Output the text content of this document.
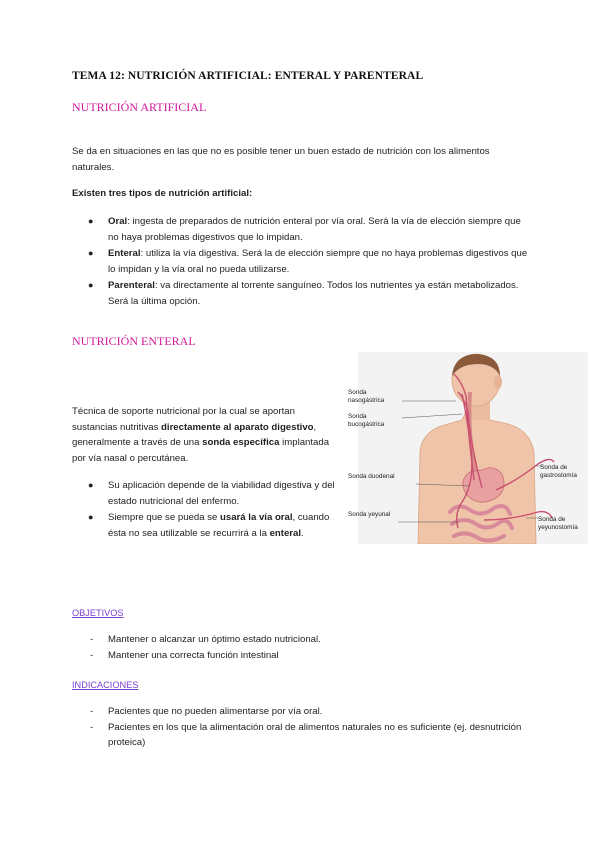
TEMA 12: NUTRICIÓN ARTIFICIAL: ENTERAL Y PARENTERAL
NUTRICIÓN ARTIFICIAL
Se da en situaciones en las que no es posible tener un buen estado de nutrición con los alimentos naturales.
Existen tres tipos de nutrición artificial:
● Oral: ingesta de preparados de nutrición enteral por vía oral. Será la vía de elección siempre que no haya problemas digestivos que lo impidan.
● Enteral: utiliza la vía digestiva. Será la de elección siempre que no haya problemas digestivos que lo impidan y la vía oral no pueda utilizarse.
● Parenteral: va directamente al torrente sanguíneo. Todos los nutrientes ya están metabolizados. Será la última opción.
NUTRICIÓN ENTERAL
Técnica de soporte nutricional por la cual se aportan sustancias nutritivas directamente al aparato digestivo, generalmente a través de una sonda específica implantada por vía nasal o percutánea.
● Su aplicación depende de la viabilidad digestiva y del estado nutricional del enfermo.
● Siempre que se pueda se usará la vía oral, cuando ésta no sea utilizable se recurrirá a la enteral.
Sonda nasogástrica
Sonda bucogástrica
Sonda duodenal
Sonda yeyunal
Sonda de gastrostomía
Sonda de yeyunostomía
OBJETIVOS
- Mantener o alcanzar un óptimo estado nutricional.
- Mantener una correcta función intestinal
INDICACIONES
- Pacientes que no pueden alimentarse por vía oral.
- Pacientes en los que la alimentación oral de alimentos naturales no es suficiente (ej. desnutrición proteica)
